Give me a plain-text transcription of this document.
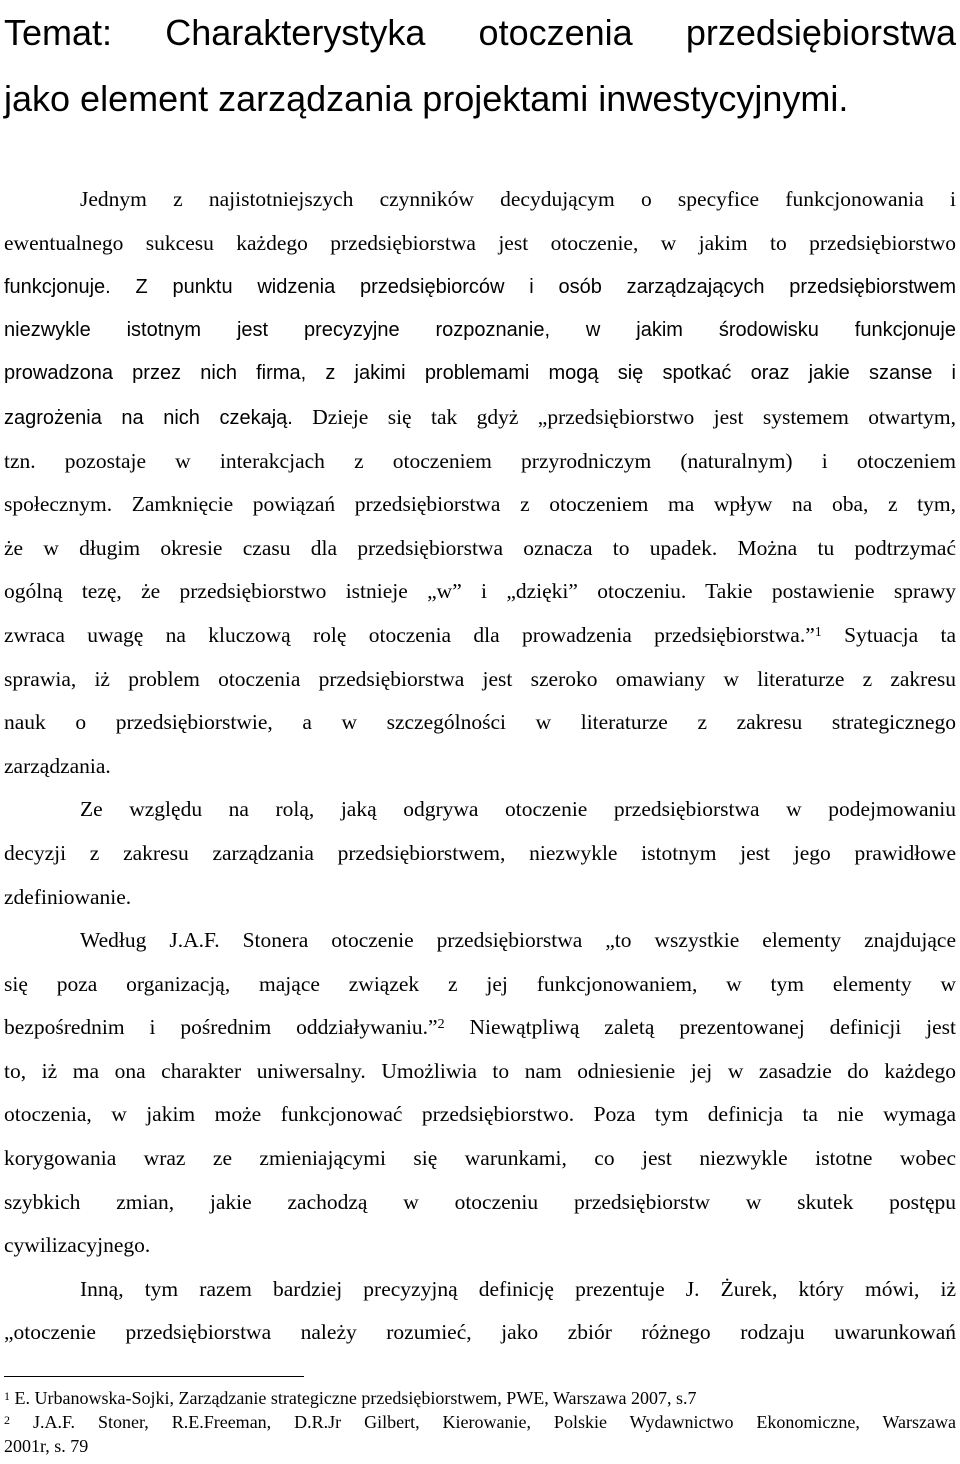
Temat: Charakterystyka otoczenia przedsiębiorstwa
jako element zarządzania projektami inwestycyjnymi.
Jednym z najistotniejszych czynników decydującym o specyfice funkcjonowania i
ewentualnego sukcesu każdego przedsiębiorstwa jest otoczenie, w jakim to przedsiębiorstwo
funkcjonuje. Z punktu widzenia przedsiębiorców i osób zarządzających przedsiębiorstwem
niezwykle istotnym jest precyzyjne rozpoznanie, w jakim środowisku funkcjonuje
prowadzona przez nich firma, z jakimi problemami mogą się spotkać oraz jakie szanse i
zagrożenia na nich czekają. Dzieje się tak gdyż „przedsiębiorstwo jest systemem otwartym,
tzn. pozostaje w interakcjach z otoczeniem przyrodniczym (naturalnym) i otoczeniem
społecznym. Zamknięcie powiązań przedsiębiorstwa z otoczeniem ma wpływ na oba, z tym,
że w długim okresie czasu dla przedsiębiorstwa oznacza to upadek. Można tu podtrzymać
ogólną tezę, że przedsiębiorstwo istnieje „w” i „dzięki” otoczeniu. Takie postawienie sprawy
zwraca uwagę na kluczową rolę otoczenia dla prowadzenia przedsiębiorstwa.”$^1$ Sytuacja ta
sprawia, iż problem otoczenia przedsiębiorstwa jest szeroko omawiany w literaturze z zakresu
nauk o przedsiębiorstwie, a w szczególności w literaturze z zakresu strategicznego
zarządzania.
Ze względu na rolą, jaką odgrywa otoczenie przedsiębiorstwa w podejmowaniu
decyzji z zakresu zarządzania przedsiębiorstwem, niezwykle istotnym jest jego prawidłowe
zdefiniowanie.
Według J.A.F. Stonera otoczenie przedsiębiorstwa „to wszystkie elementy znajdujące
się poza organizacją, mające związek z jej funkcjonowaniem, w tym elementy w
bezpośrednim i pośrednim oddziaływaniu.”$^2$ Niewątpliwą zaletą prezentowanej definicji jest
to, iż ma ona charakter uniwersalny. Umożliwia to nam odniesienie jej w zasadzie do każdego
otoczenia, w jakim może funkcjonować przedsiębiorstwo. Poza tym definicja ta nie wymaga
korygowania wraz ze zmieniającymi się warunkami, co jest niezwykle istotne wobec
szybkich zmian, jakie zachodzą w otoczeniu przedsiębiorstw w skutek postępu
cywilizacyjnego.
Inną, tym razem bardziej precyzyjną definicję prezentuje J. Żurek, który mówi, iż
„otoczenie przedsiębiorstwa należy rozumieć, jako zbiór różnego rodzaju uwarunkowań
$^1$ E. Urbanowska-Sojki, Zarządzanie strategiczne przedsiębiorstwem, PWE, Warszawa 2007, s.7
$^2$ J.A.F. Stoner, R.E.Freeman, D.R.Jr Gilbert, Kierowanie, Polskie Wydawnictwo Ekonomiczne, Warszawa
2001r, s. 79
